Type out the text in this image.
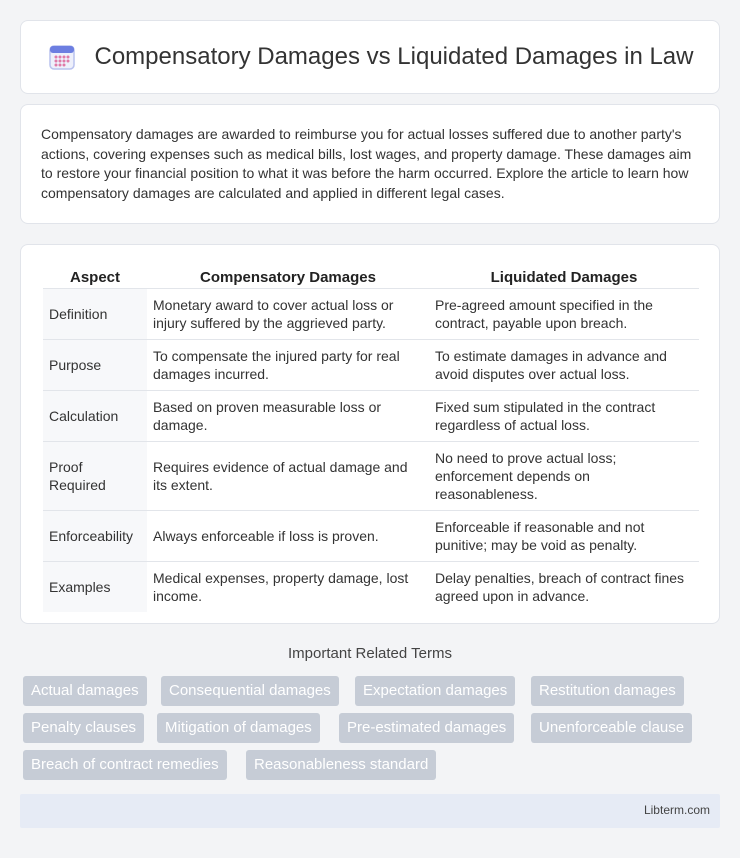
Compensatory Damages vs Liquidated Damages in Law

Compensatory damages are awarded to reimburse you for actual losses suffered due to another party's actions, covering expenses such as medical bills, lost wages, and property damage. These damages aim to restore your financial position to what it was before the harm occurred. Explore the article to learn how compensatory damages are calculated and applied in different legal cases.

Aspect	Compensatory Damages	Liquidated Damages
Definition	Monetary award to cover actual loss or injury suffered by the aggrieved party.	Pre-agreed amount specified in the contract, payable upon breach.
Purpose	To compensate the injured party for real damages incurred.	To estimate damages in advance and avoid disputes over actual loss.
Calculation	Based on proven measurable loss or damage.	Fixed sum stipulated in the contract regardless of actual loss.
Proof Required	Requires evidence of actual damage and its extent.	No need to prove actual loss; enforcement depends on reasonableness.
Enforceability	Always enforceable if loss is proven.	Enforceable if reasonable and not punitive; may be void as penalty.
Examples	Medical expenses, property damage, lost income.	Delay penalties, breach of contract fines agreed upon in advance.
Important Related Terms
Actual damages	Consequential damages	Expectation damages	Restitution damages
Penalty clauses	Mitigation of damages	Pre-estimated damages	Unenforceable clause
Breach of contract remedies	Reasonableness standard
Libterm.com
